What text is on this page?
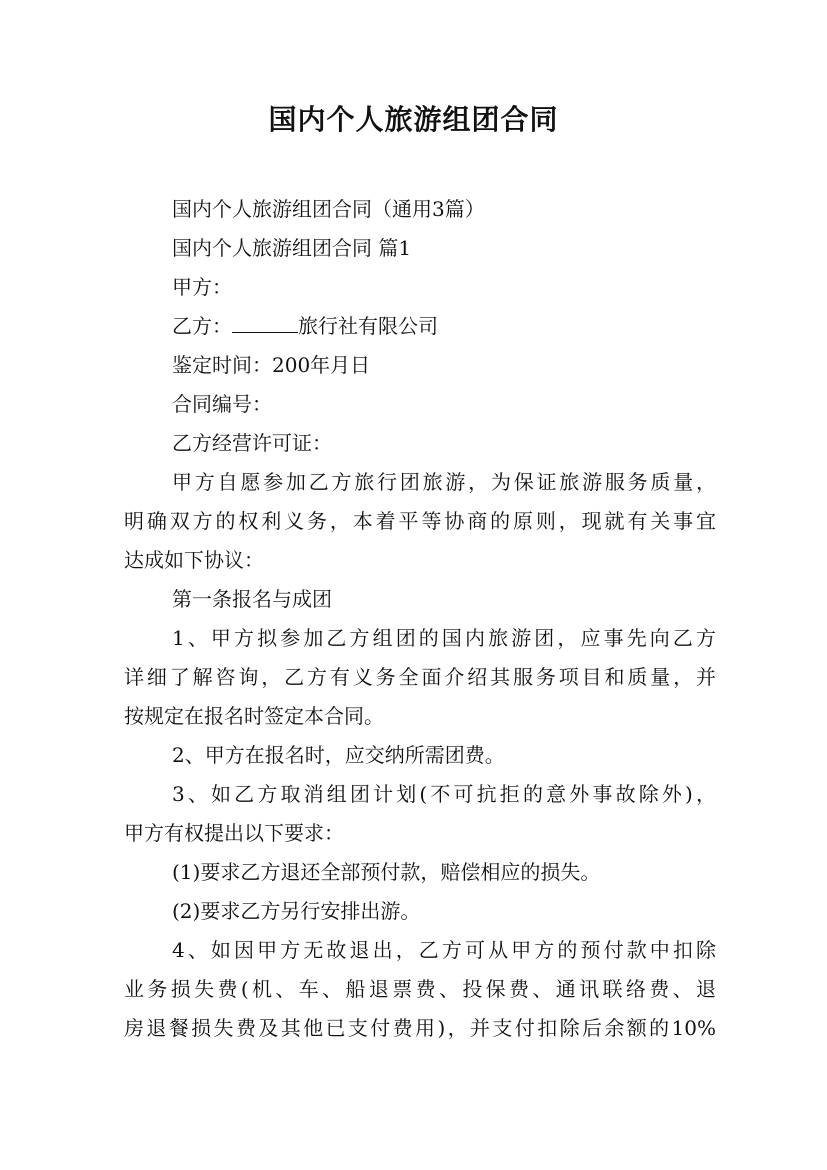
国内个人旅游组团合同

国内个人旅游组团合同（通用3篇）

国内个人旅游组团合同 篇1

甲方：

乙方：	旅行社有限公司

鉴定时间：200年月日

合同编号：

乙方经营许可证：

甲方自愿参加乙方旅行团旅游，为保证旅游服务质量，

明确双方的权利义务，本着平等协商的原则，现就有关事宜

达成如下协议：

第一条报名与成团

1、甲方拟参加乙方组团的国内旅游团，应事先向乙方

详细了解咨询，乙方有义务全面介绍其服务项目和质量，并

按规定在报名时签定本合同。

2、甲方在报名时，应交纳所需团费。

3、如乙方取消组团计划(不可抗拒的意外事故除外)，

甲方有权提出以下要求：

(1)要求乙方退还全部预付款，赔偿相应的损失。

(2)要求乙方另行安排出游。

4、如因甲方无故退出，乙方可从甲方的预付款中扣除

业务损失费(机、车、船退票费、投保费、通讯联络费、退

房退餐损失费及其他已支付费用)，并支付扣除后余额的10%
